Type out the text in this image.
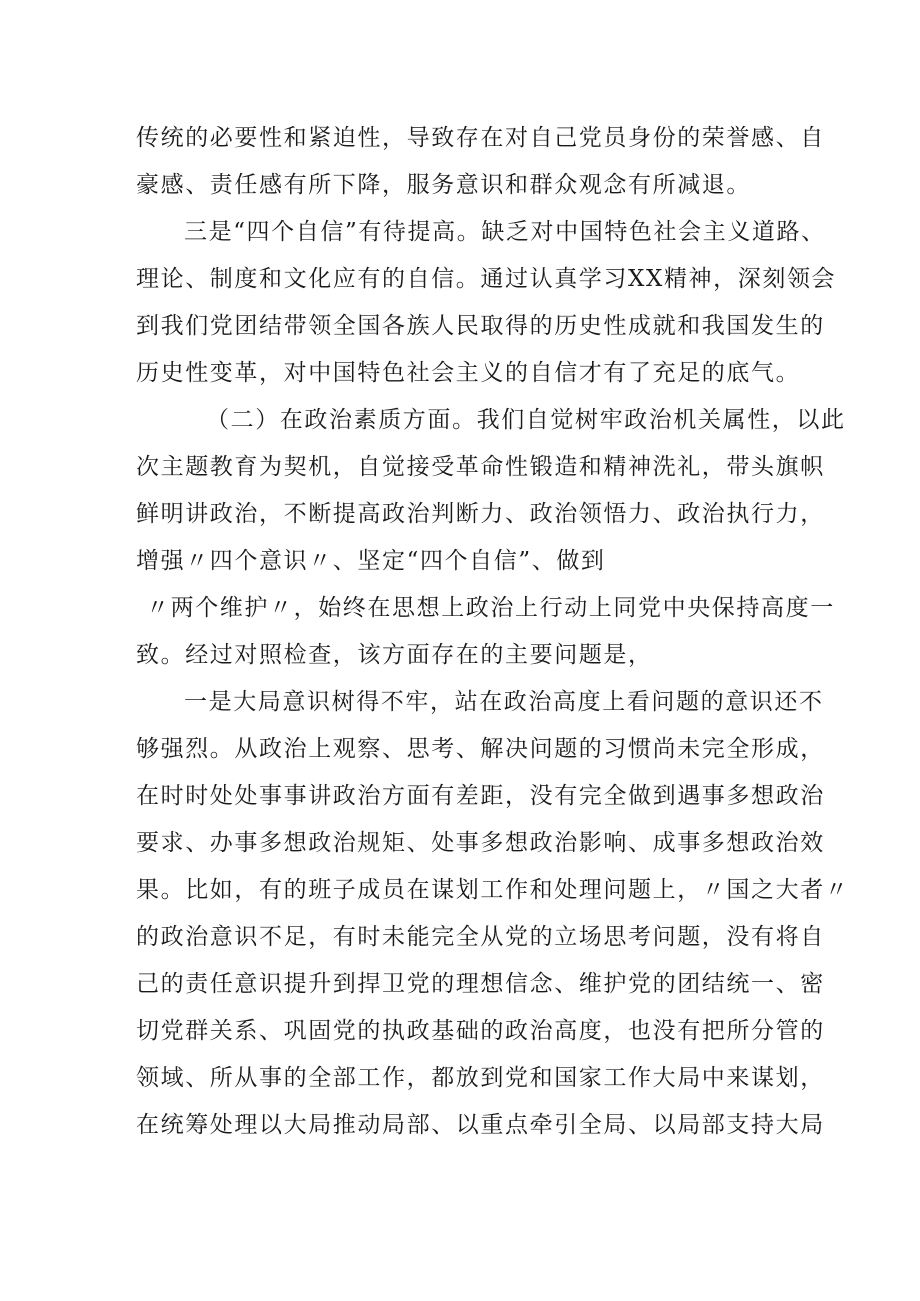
传统的必要性和紧迫性，导致存在对自己党员身份的荣誉感、自
豪感、责任感有所下降，服务意识和群众观念有所减退。
三是“四个自信”有待提高。缺乏对中国特色社会主义道路、
理论、制度和文化应有的自信。通过认真学习XX精神，深刻领会
到我们党团结带领全国各族人民取得的历史性成就和我国发生的
历史性变革，对中国特色社会主义的自信才有了充足的底气。
（二）在政治素质方面。我们自觉树牢政治机关属性，以此
次主题教育为契机，自觉接受革命性锻造和精神洗礼，带头旗帜
鲜明讲政治，不断提高政治判断力、政治领悟力、政治执行力，
增强〃四个意识〃、坚定“四个自信”、做到
〃两个维护〃，始终在思想上政治上行动上同党中央保持高度一
致。经过对照检查，该方面存在的主要问题是，
一是大局意识树得不牢，站在政治高度上看问题的意识还不
够强烈。从政治上观察、思考、解决问题的习惯尚未完全形成，
在时时处处事事讲政治方面有差距，没有完全做到遇事多想政治
要求、办事多想政治规矩、处事多想政治影响、成事多想政治效
果。比如，有的班子成员在谋划工作和处理问题上，〃国之大者〃
的政治意识不足，有时未能完全从党的立场思考问题，没有将自
己的责任意识提升到捍卫党的理想信念、维护党的团结统一、密
切党群关系、巩固党的执政基础的政治高度，也没有把所分管的
领域、所从事的全部工作，都放到党和国家工作大局中来谋划，
在统筹处理以大局推动局部、以重点牵引全局、以局部支持大局
